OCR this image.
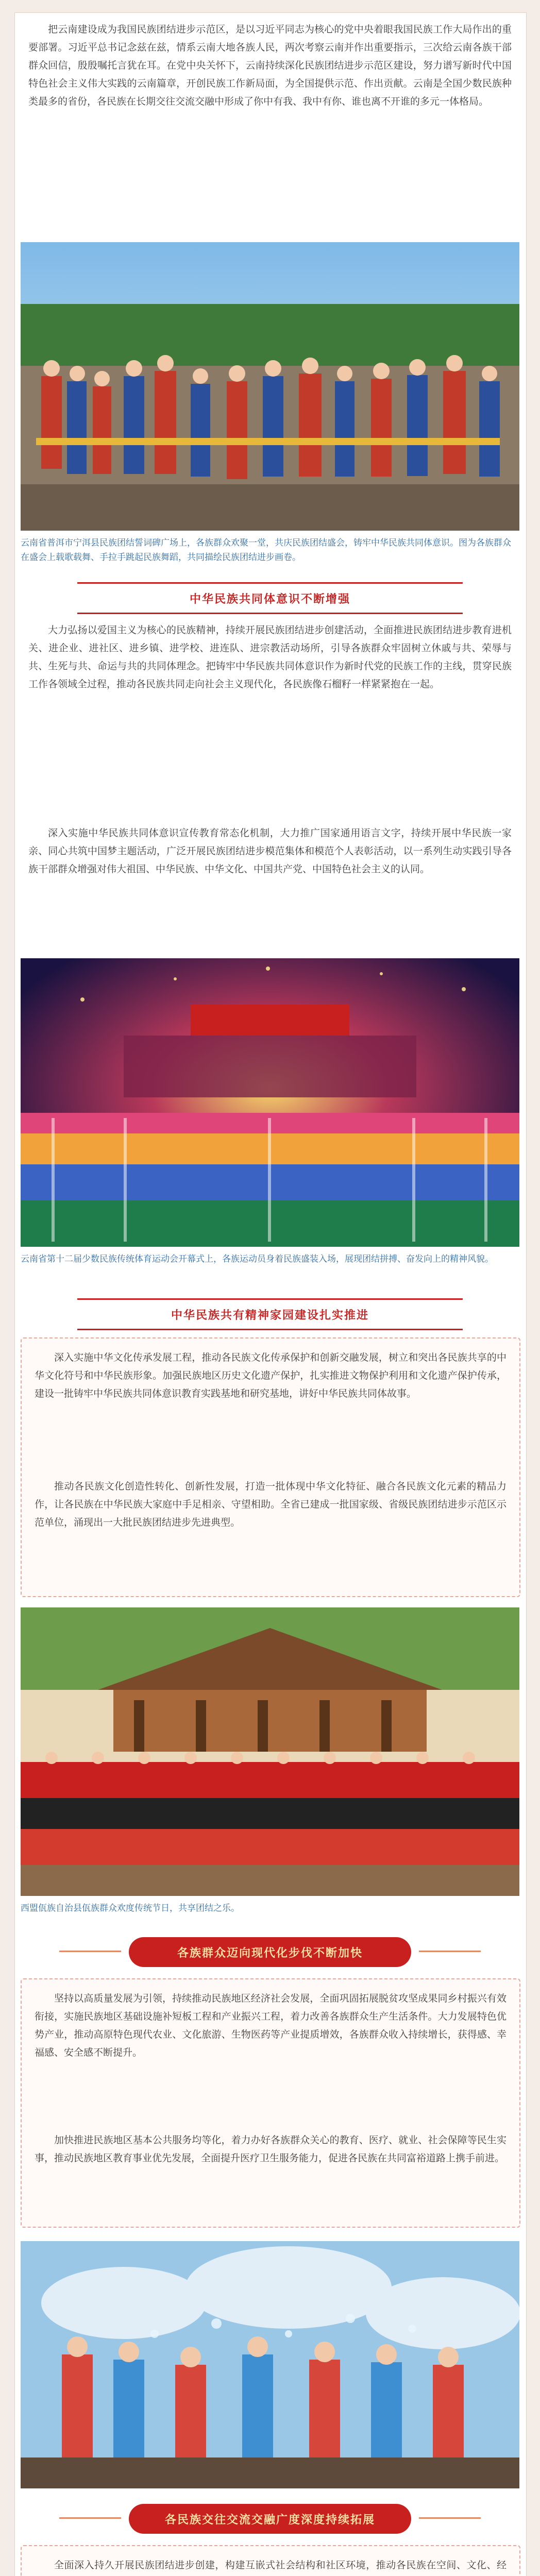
把云南建设成为我国民族团结进步示范区，是以习近平同志为核心的党中央着眼我国民族工作大局作出的重要部署。习近平总书记念兹在兹，情系云南大地各族人民，两次考察云南并作出重要指示，三次给云南各族干部群众回信，殷殷嘱托言犹在耳。在党中央关怀下，云南持续深化民族团结进步示范区建设，努力谱写新时代中国特色社会主义伟大实践的云南篇章，开创民族工作新局面，为全国提供示范、作出贡献。云南是全国少数民族种类最多的省份，各民族在长期交往交流交融中形成了你中有我、我中有你、谁也离不开谁的多元一体格局。

云南省普洱市宁洱县民族团结誓词碑广场上，各族群众欢聚一堂，共庆民族团结盛会，铸牢中华民族共同体意识。图为各族群众在盛会上载歌载舞、手拉手跳起民族舞蹈，共同描绘民族团结进步画卷。
中华民族共同体意识不断增强

大力弘扬以爱国主义为核心的民族精神，持续开展民族团结进步创建活动，全面推进民族团结进步教育进机关、进企业、进社区、进乡镇、进学校、进连队、进宗教活动场所，引导各族群众牢固树立休戚与共、荣辱与共、生死与共、命运与共的共同体理念。把铸牢中华民族共同体意识作为新时代党的民族工作的主线，贯穿民族工作各领域全过程，推动各民族共同走向社会主义现代化，各民族像石榴籽一样紧紧抱在一起。

深入实施中华民族共同体意识宣传教育常态化机制，大力推广国家通用语言文字，持续开展中华民族一家亲、同心共筑中国梦主题活动，广泛开展民族团结进步模范集体和模范个人表彰活动，以一系列生动实践引导各族干部群众增强对伟大祖国、中华民族、中华文化、中国共产党、中国特色社会主义的认同。

云南省第十二届少数民族传统体育运动会开幕式上，各族运动员身着民族盛装入场，展现团结拼搏、奋发向上的精神风貌。
中华民族共有精神家园建设扎实推进

深入实施中华文化传承发展工程，推动各民族文化传承保护和创新交融发展，树立和突出各民族共享的中华文化符号和中华民族形象。加强民族地区历史文化遗产保护，扎实推进文物保护利用和文化遗产保护传承，建设一批铸牢中华民族共同体意识教育实践基地和研究基地，讲好中华民族共同体故事。

推动各民族文化创造性转化、创新性发展，打造一批体现中华文化特征、融合各民族文化元素的精品力作，让各民族在中华民族大家庭中手足相亲、守望相助。全省已建成一批国家级、省级民族团结进步示范区示范单位，涌现出一大批民族团结进步先进典型。

西盟佤族自治县佤族群众欢度传统节日，共享团结之乐。
各族群众迈向现代化步伐不断加快

坚持以高质量发展为引领，持续推动民族地区经济社会发展，全面巩固拓展脱贫攻坚成果同乡村振兴有效衔接，实施民族地区基础设施补短板工程和产业振兴工程，着力改善各族群众生产生活条件。大力发展特色优势产业，推动高原特色现代农业、文化旅游、生物医药等产业提质增效，各族群众收入持续增长，获得感、幸福感、安全感不断提升。

加快推进民族地区基本公共服务均等化，着力办好各族群众关心的教育、医疗、就业、社会保障等民生实事，推动民族地区教育事业优先发展，全面提升医疗卫生服务能力，促进各民族在共同富裕道路上携手前进。

各民族交往交流交融广度深度持续拓展

全面深入持久开展民族团结进步创建，构建互嵌式社会结构和社区环境，推动各民族在空间、文化、经
